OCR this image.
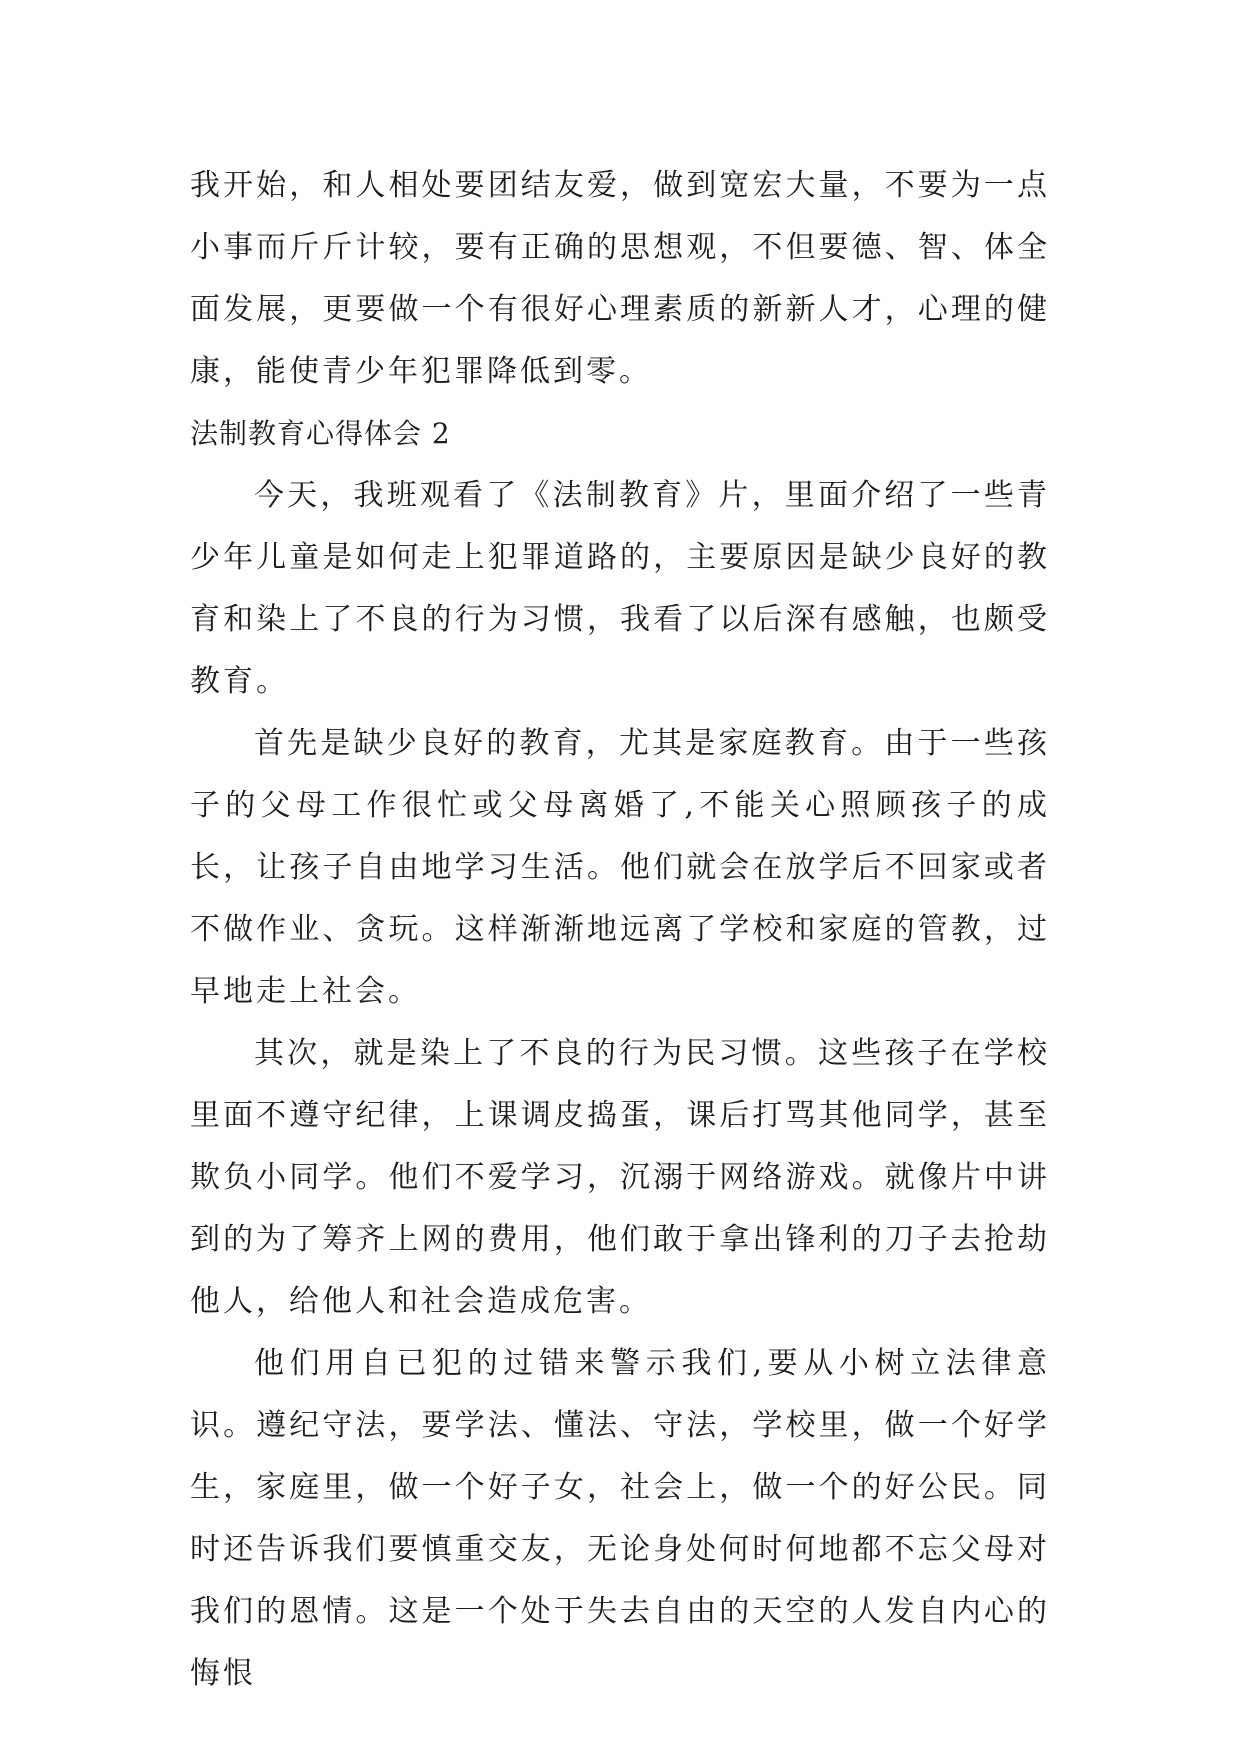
我开始，和人相处要团结友爱，做到宽宏大量，不要为一点小事而斤斤计较，要有正确的思想观，不但要德、智、体全面发展，更要做一个有很好心理素质的新新人才，心理的健康，能使青少年犯罪降低到零。

法制教育心得体会 2

今天，我班观看了《法制教育》片，里面介绍了一些青少年儿童是如何走上犯罪道路的，主要原因是缺少良好的教育和染上了不良的行为习惯，我看了以后深有感触，也颇受教育。

首先是缺少良好的教育，尤其是家庭教育。由于一些孩子的父母工作很忙或父母离婚了,不能关心照顾孩子的成长，让孩子自由地学习生活。他们就会在放学后不回家或者不做作业、贪玩。这样渐渐地远离了学校和家庭的管教，过早地走上社会。

其次，就是染上了不良的行为民习惯。这些孩子在学校里面不遵守纪律，上课调皮捣蛋，课后打骂其他同学，甚至欺负小同学。他们不爱学习，沉溺于网络游戏。就像片中讲到的为了筹齐上网的费用，他们敢于拿出锋利的刀子去抢劫他人，给他人和社会造成危害。

他们用自已犯的过错来警示我们,要从小树立法律意识。遵纪守法，要学法、懂法、守法，学校里，做一个好学生，家庭里，做一个好子女，社会上，做一个的好公民。同时还告诉我们要慎重交友，无论身处何时何地都不忘父母对我们的恩情。这是一个处于失去自由的天空的人发自内心的悔恨
